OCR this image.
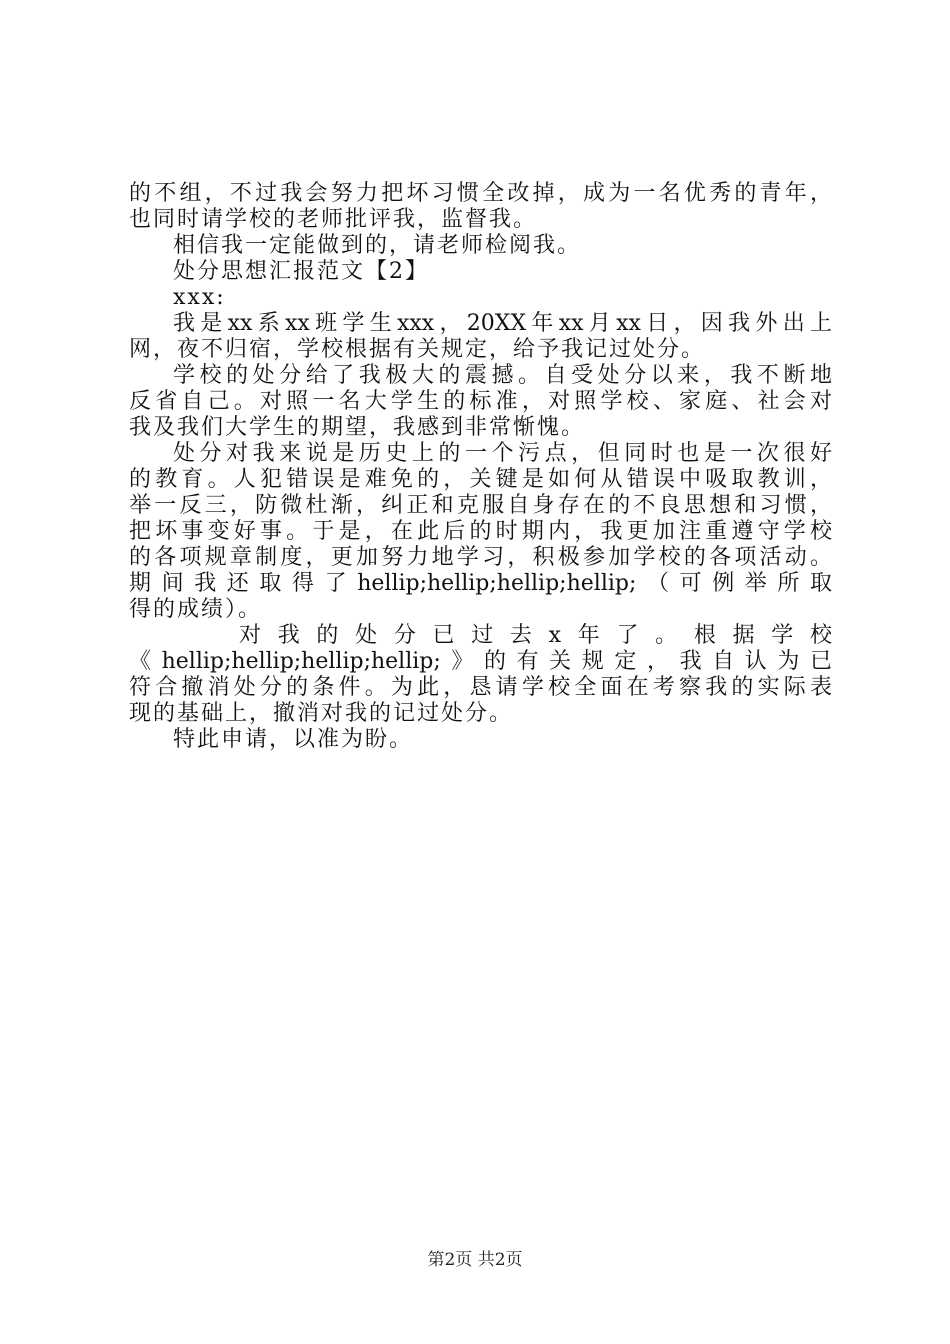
的不组，不过我会努力把坏习惯全改掉，成为一名优秀的青年，
也同时请学校的老师批评我，监督我。
相信我一定能做到的，请老师检阅我。
处分思想汇报范文【2】
xxx:
我是xx系xx班学生xxx，20XX年xx月xx日，因我外出上
网，夜不归宿，学校根据有关规定，给予我记过处分。
学校的处分给了我极大的震撼。自受处分以来，我不断地
反省自己。对照一名大学生的标准，对照学校、家庭、社会对
我及我们大学生的期望，我感到非常惭愧。
处分对我来说是历史上的一个污点，但同时也是一次很好
的教育。人犯错误是难免的，关键是如何从错误中吸取教训，
举一反三，防微杜渐，纠正和克服自身存在的不良思想和习惯，
把坏事变好事。于是，在此后的时期内，我更加注重遵守学校
的各项规章制度，更加努力地学习，积极参加学校的各项活动。
期间我还取得了hellip;hellip;hellip;hellip;（可例举所取
得的成绩）。
对我的处分已过去x年了。根据学校
《hellip;hellip;hellip;hellip;》的有关规定，我自认为已
符合撤消处分的条件。为此，恳请学校全面在考察我的实际表
现的基础上，撤消对我的记过处分。
特此申请，以准为盼。
第2页 共2页
